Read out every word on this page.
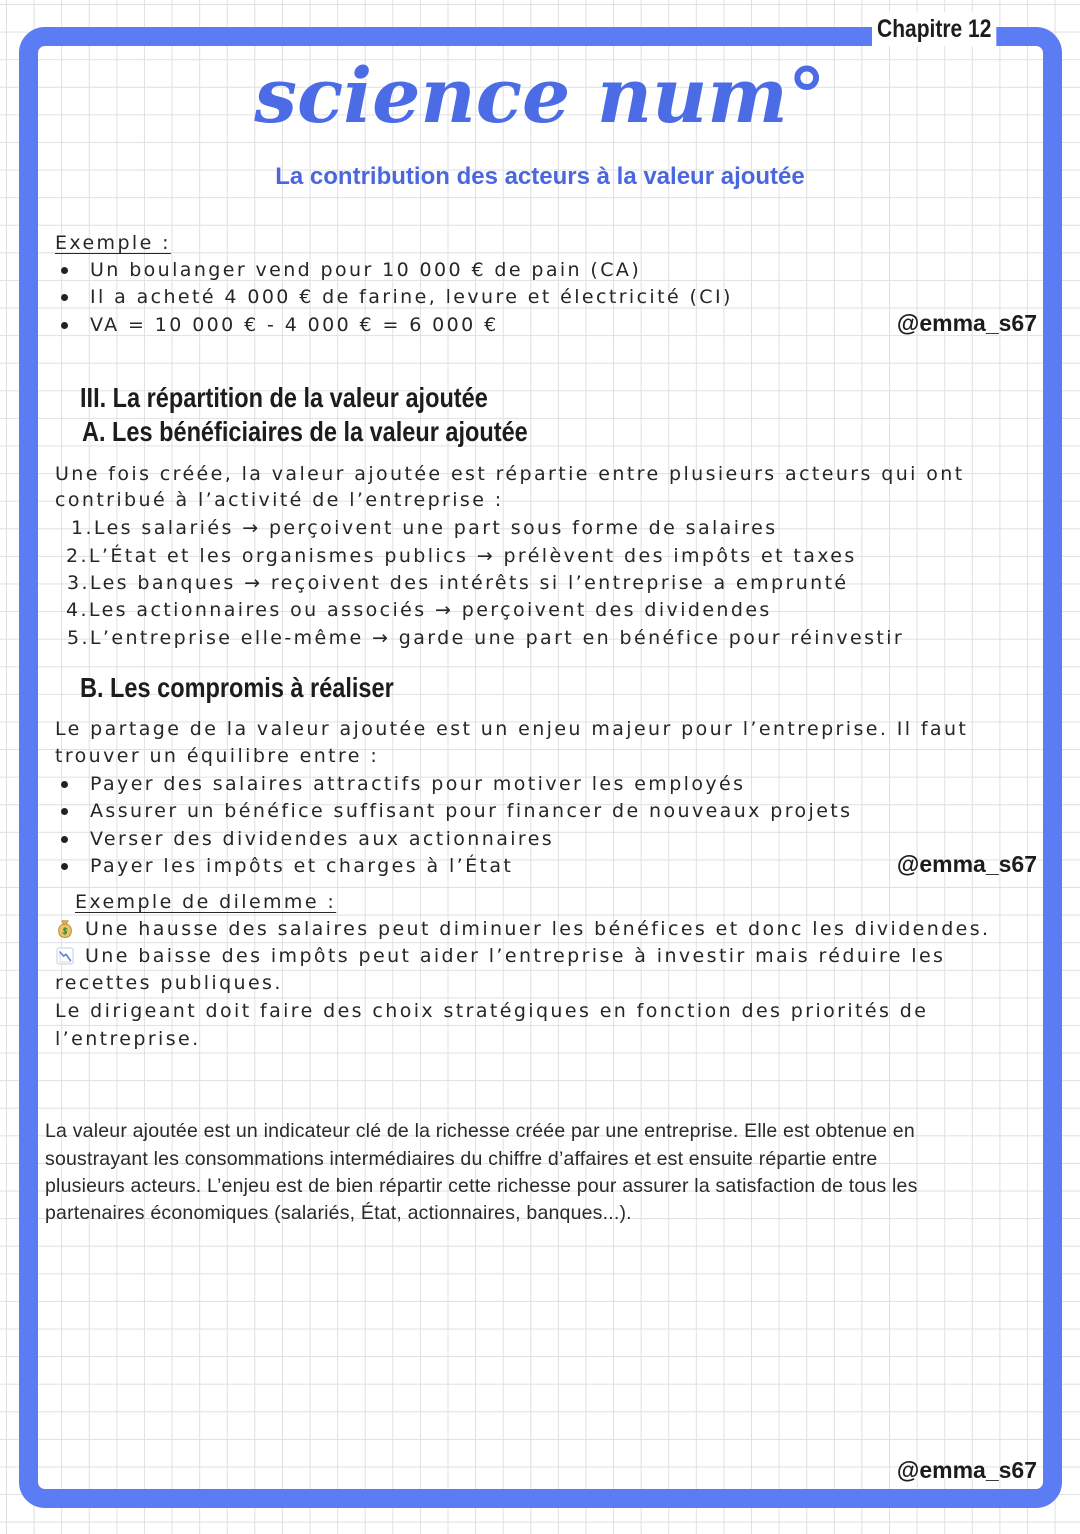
Chapitre 12
science num°
La contribution des acteurs à la valeur ajoutée
Exemple :
Un boulanger vend pour 10 000 € de pain (CA)
Il a acheté 4 000 € de farine, levure et électricité (CI)
VA = 10 000 € - 4 000 € = 6 000 €	@emma_s67
III. La répartition de la valeur ajoutée
A. Les bénéficiaires de la valeur ajoutée
Une fois créée, la valeur ajoutée est répartie entre plusieurs acteurs qui ont
contribué à l’activité de l’entreprise :
1.Les salariés → perçoivent une part sous forme de salaires
2.L’État et les organismes publics → prélèvent des impôts et taxes
3.Les banques → reçoivent des intérêts si l’entreprise a emprunté
4.Les actionnaires ou associés → perçoivent des dividendes
5.L’entreprise elle-même → garde une part en bénéfice pour réinvestir
B. Les compromis à réaliser
Le partage de la valeur ajoutée est un enjeu majeur pour l’entreprise. Il faut
trouver un équilibre entre :
Payer des salaires attractifs pour motiver les employés
Assurer un bénéfice suffisant pour financer de nouveaux projets
Verser des dividendes aux actionnaires
Payer les impôts et charges à l’État	@emma_s67
Exemple de dilemme :
Une hausse des salaires peut diminuer les bénéfices et donc les dividendes.
Une baisse des impôts peut aider l’entreprise à investir mais réduire les
recettes publiques.
Le dirigeant doit faire des choix stratégiques en fonction des priorités de
l’entreprise.
La valeur ajoutée est un indicateur clé de la richesse créée par une entreprise. Elle est obtenue en
soustrayant les consommations intermédiaires du chiffre d’affaires et est ensuite répartie entre
plusieurs acteurs. L’enjeu est de bien répartir cette richesse pour assurer la satisfaction de tous les
partenaires économiques (salariés, État, actionnaires, banques...).
@emma_s67
